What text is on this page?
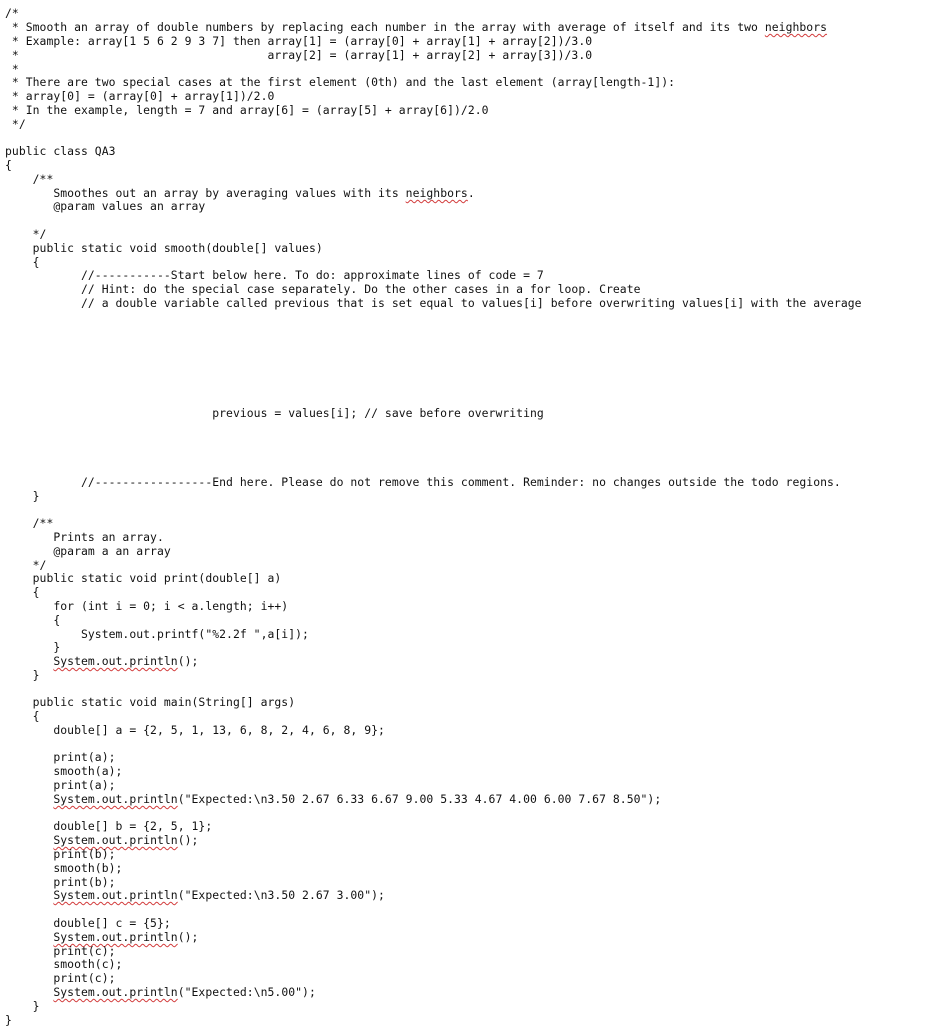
/*
* Smooth an array of double numbers by replacing each number in the array with average of itself and its two neighbors
* Example: array[1 5 6 2 9 3 7] then array[1] = (array[0] + array[1] + array[2])/3.0
*                                    array[2] = (array[1] + array[2] + array[3])/3.0
*
* There are two special cases at the first element (0th) and the last element (array[length-1]):
* array[0] = (array[0] + array[1])/2.0
* In the example, length = 7 and array[6] = (array[5] + array[6])/2.0
*/
public class QA3
{
/**
Smoothes out an array by averaging values with its neighbors.
@param values an array
*/
public static void smooth(double[] values)
{
//-----------Start below here. To do: approximate lines of code = 7
// Hint: do the special case separately. Do the other cases in a for loop. Create
// a double variable called previous that is set equal to values[i] before overwriting values[i] with the average
previous = values[i]; // save before overwriting
//-----------------End here. Please do not remove this comment. Reminder: no changes outside the todo regions.
}
/**
Prints an array.
@param a an array
*/
public static void print(double[] a)
{
for (int i = 0; i < a.length; i++)
{
System.out.printf("%2.2f ",a[i]);
}
System.out.println();
}
public static void main(String[] args)
{
double[] a = {2, 5, 1, 13, 6, 8, 2, 4, 6, 8, 9};
print(a);
smooth(a);
print(a);
System.out.println("Expected:\n3.50 2.67 6.33 6.67 9.00 5.33 4.67 4.00 6.00 7.67 8.50");
double[] b = {2, 5, 1};
System.out.println();
print(b);
smooth(b);
print(b);
System.out.println("Expected:\n3.50 2.67 3.00");
double[] c = {5};
System.out.println();
print(c);
smooth(c);
print(c);
System.out.println("Expected:\n5.00");
}
}
